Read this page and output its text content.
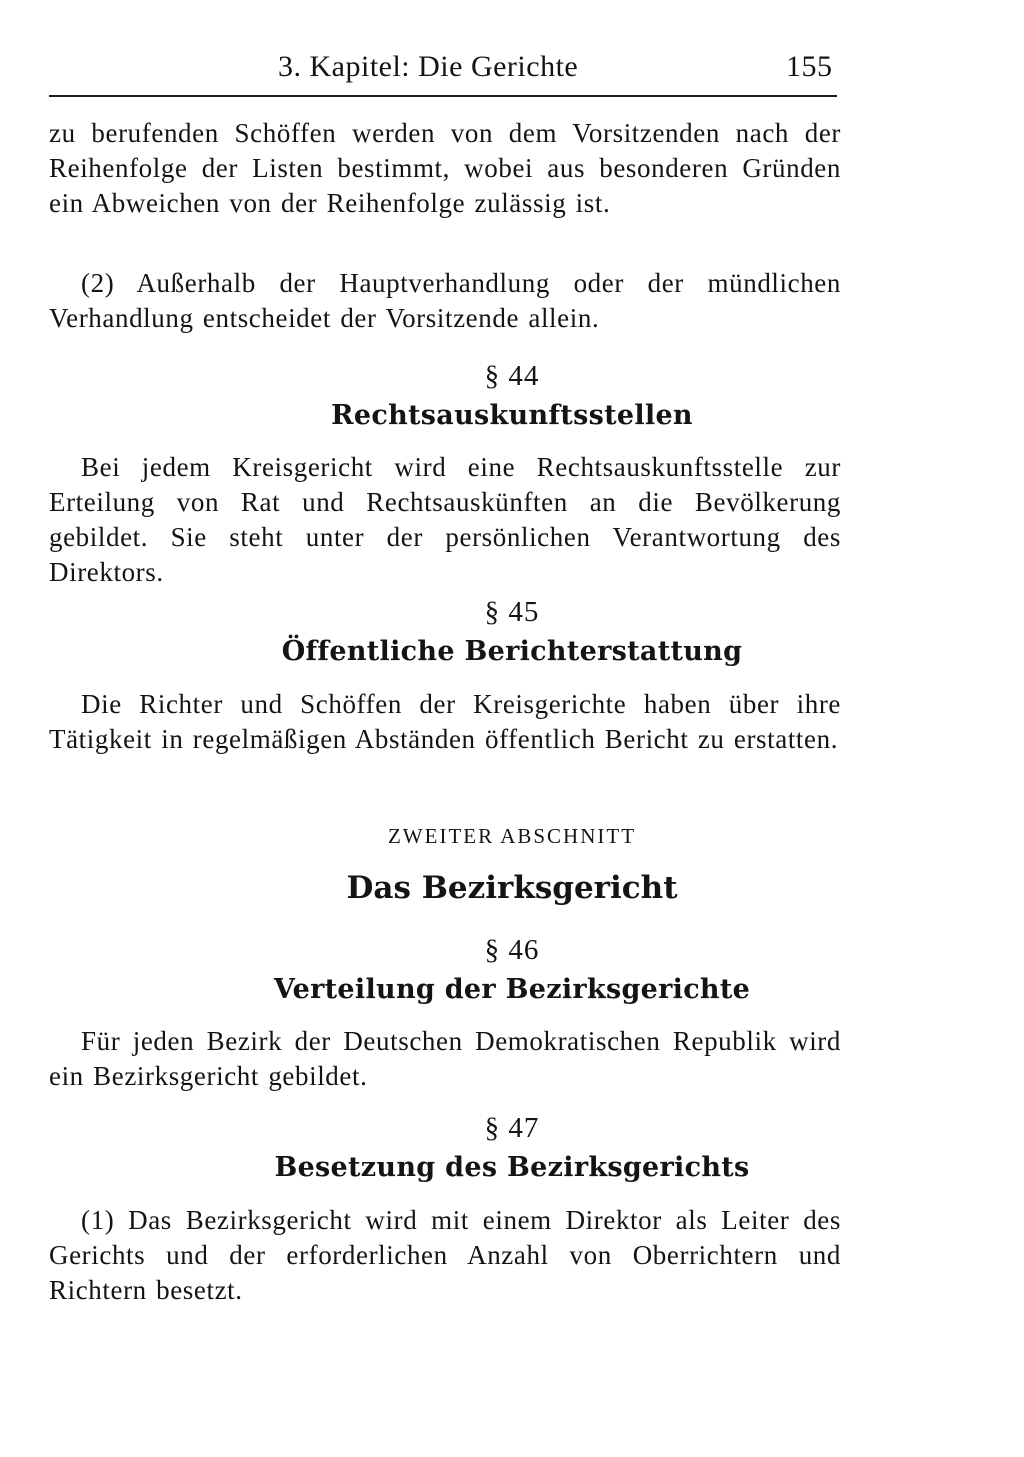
3. Kapitel: Die Gerichte	155

zu berufenden Schöffen werden von dem Vorsitzenden nach der Reihenfolge der Listen bestimmt, wobei aus besonderen Gründen ein Abweichen von der Reihenfolge zulässig ist.

(2) Außerhalb der Hauptverhandlung oder der mündlichen Verhandlung entscheidet der Vorsitzende allein.

§ 44
Rechtsauskunftsstellen

Bei jedem Kreisgericht wird eine Rechtsauskunftsstelle zur Erteilung von Rat und Rechtsauskünften an die Bevölkerung gebildet. Sie steht unter der persönlichen Verantwortung des Direktors.

§ 45
Öffentliche Berichterstattung

Die Richter und Schöffen der Kreisgerichte haben über ihre Tätigkeit in regelmäßigen Abständen öffentlich Bericht zu erstatten.

ZWEITER ABSCHNITT
Das Bezirksgericht
§ 46
Verteilung der Bezirksgerichte

Für jeden Bezirk der Deutschen Demokratischen Republik wird ein Bezirksgericht gebildet.

§ 47
Besetzung des Bezirksgerichts

(1) Das Bezirksgericht wird mit einem Direktor als Leiter des Gerichts und der erforderlichen Anzahl von Oberrichtern und Richtern besetzt.
